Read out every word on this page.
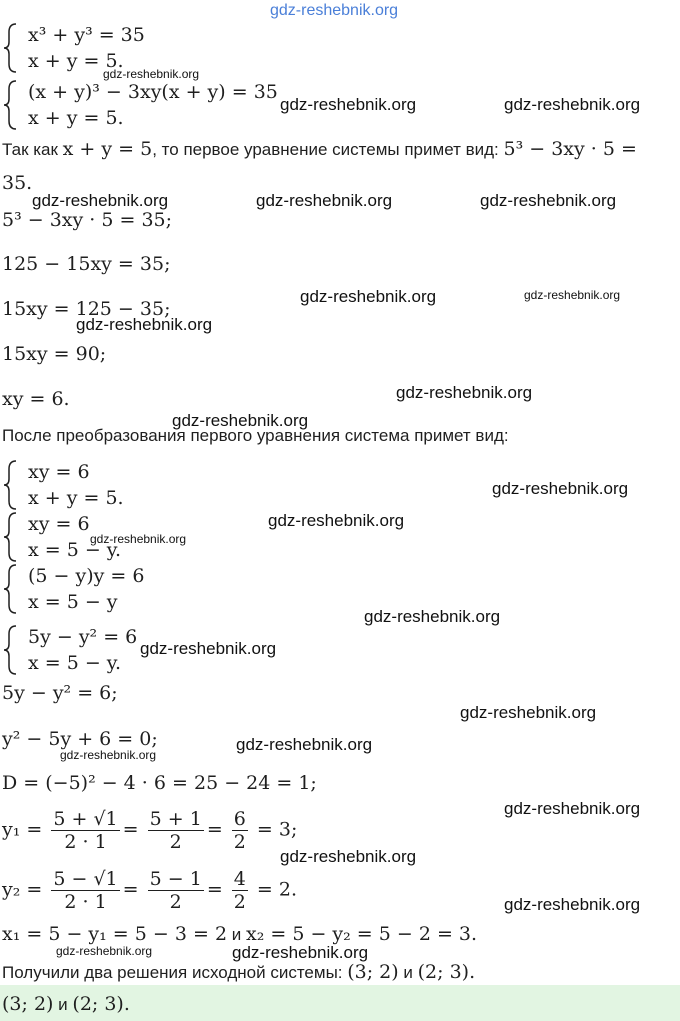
gdz-reshebnik.org
x³ + y³ = 35
x + y = 5.
(x + y)³ − 3xy(x + y) = 35
x + y = 5.
Так как x + y = 5, то первое уравнение системы примет вид: 5³ − 3xy · 5 =
35.
5³ − 3xy · 5 = 35;
125 − 15xy = 35;
15xy = 125 − 35;
15xy = 90;
xy = 6.
После преобразования первого уравнения система примет вид:
xy = 6
x + y = 5.
xy = 6
x = 5 − y.
(5 − y)y = 6
x = 5 − y
5y − y² = 6
x = 5 − y.
5y − y² = 6;
y² − 5y + 6 = 0;
D = (−5)² − 4 · 6 = 25 − 24 = 1;
$y_1 = \frac{5 + √1}{2 \cdot 1} = \frac{5 + 1}{2} = \frac{6}{2} = 3$;
$y_2 = \frac{5 - √1}{2 \cdot 1} = \frac{5 - 1}{2} = \frac{4}{2} = 2$.
x₁ = 5 − y₁ = 5 − 3 = 2 и x₂ = 5 − y₂ = 5 − 2 = 3.
Получили два решения исходной системы: (3; 2) и (2; 3).
(3; 2) и (2; 3).
gdz-reshebnik.org
gdz-reshebnik.org	gdz-reshebnik.org
gdz-reshebnik.org	gdz-reshebnik.org	gdz-reshebnik.org
gdz-reshebnik.org	gdz-reshebnik.org
gdz-reshebnik.org
gdz-reshebnik.org
gdz-reshebnik.org
gdz-reshebnik.org
gdz-reshebnik.org
gdz-reshebnik.org
gdz-reshebnik.org
gdz-reshebnik.org
gdz-reshebnik.org
gdz-reshebnik.org
gdz-reshebnik.org
gdz-reshebnik.org
gdz-reshebnik.org
gdz-reshebnik.org
gdz-reshebnik.org
gdz-reshebnik.org
